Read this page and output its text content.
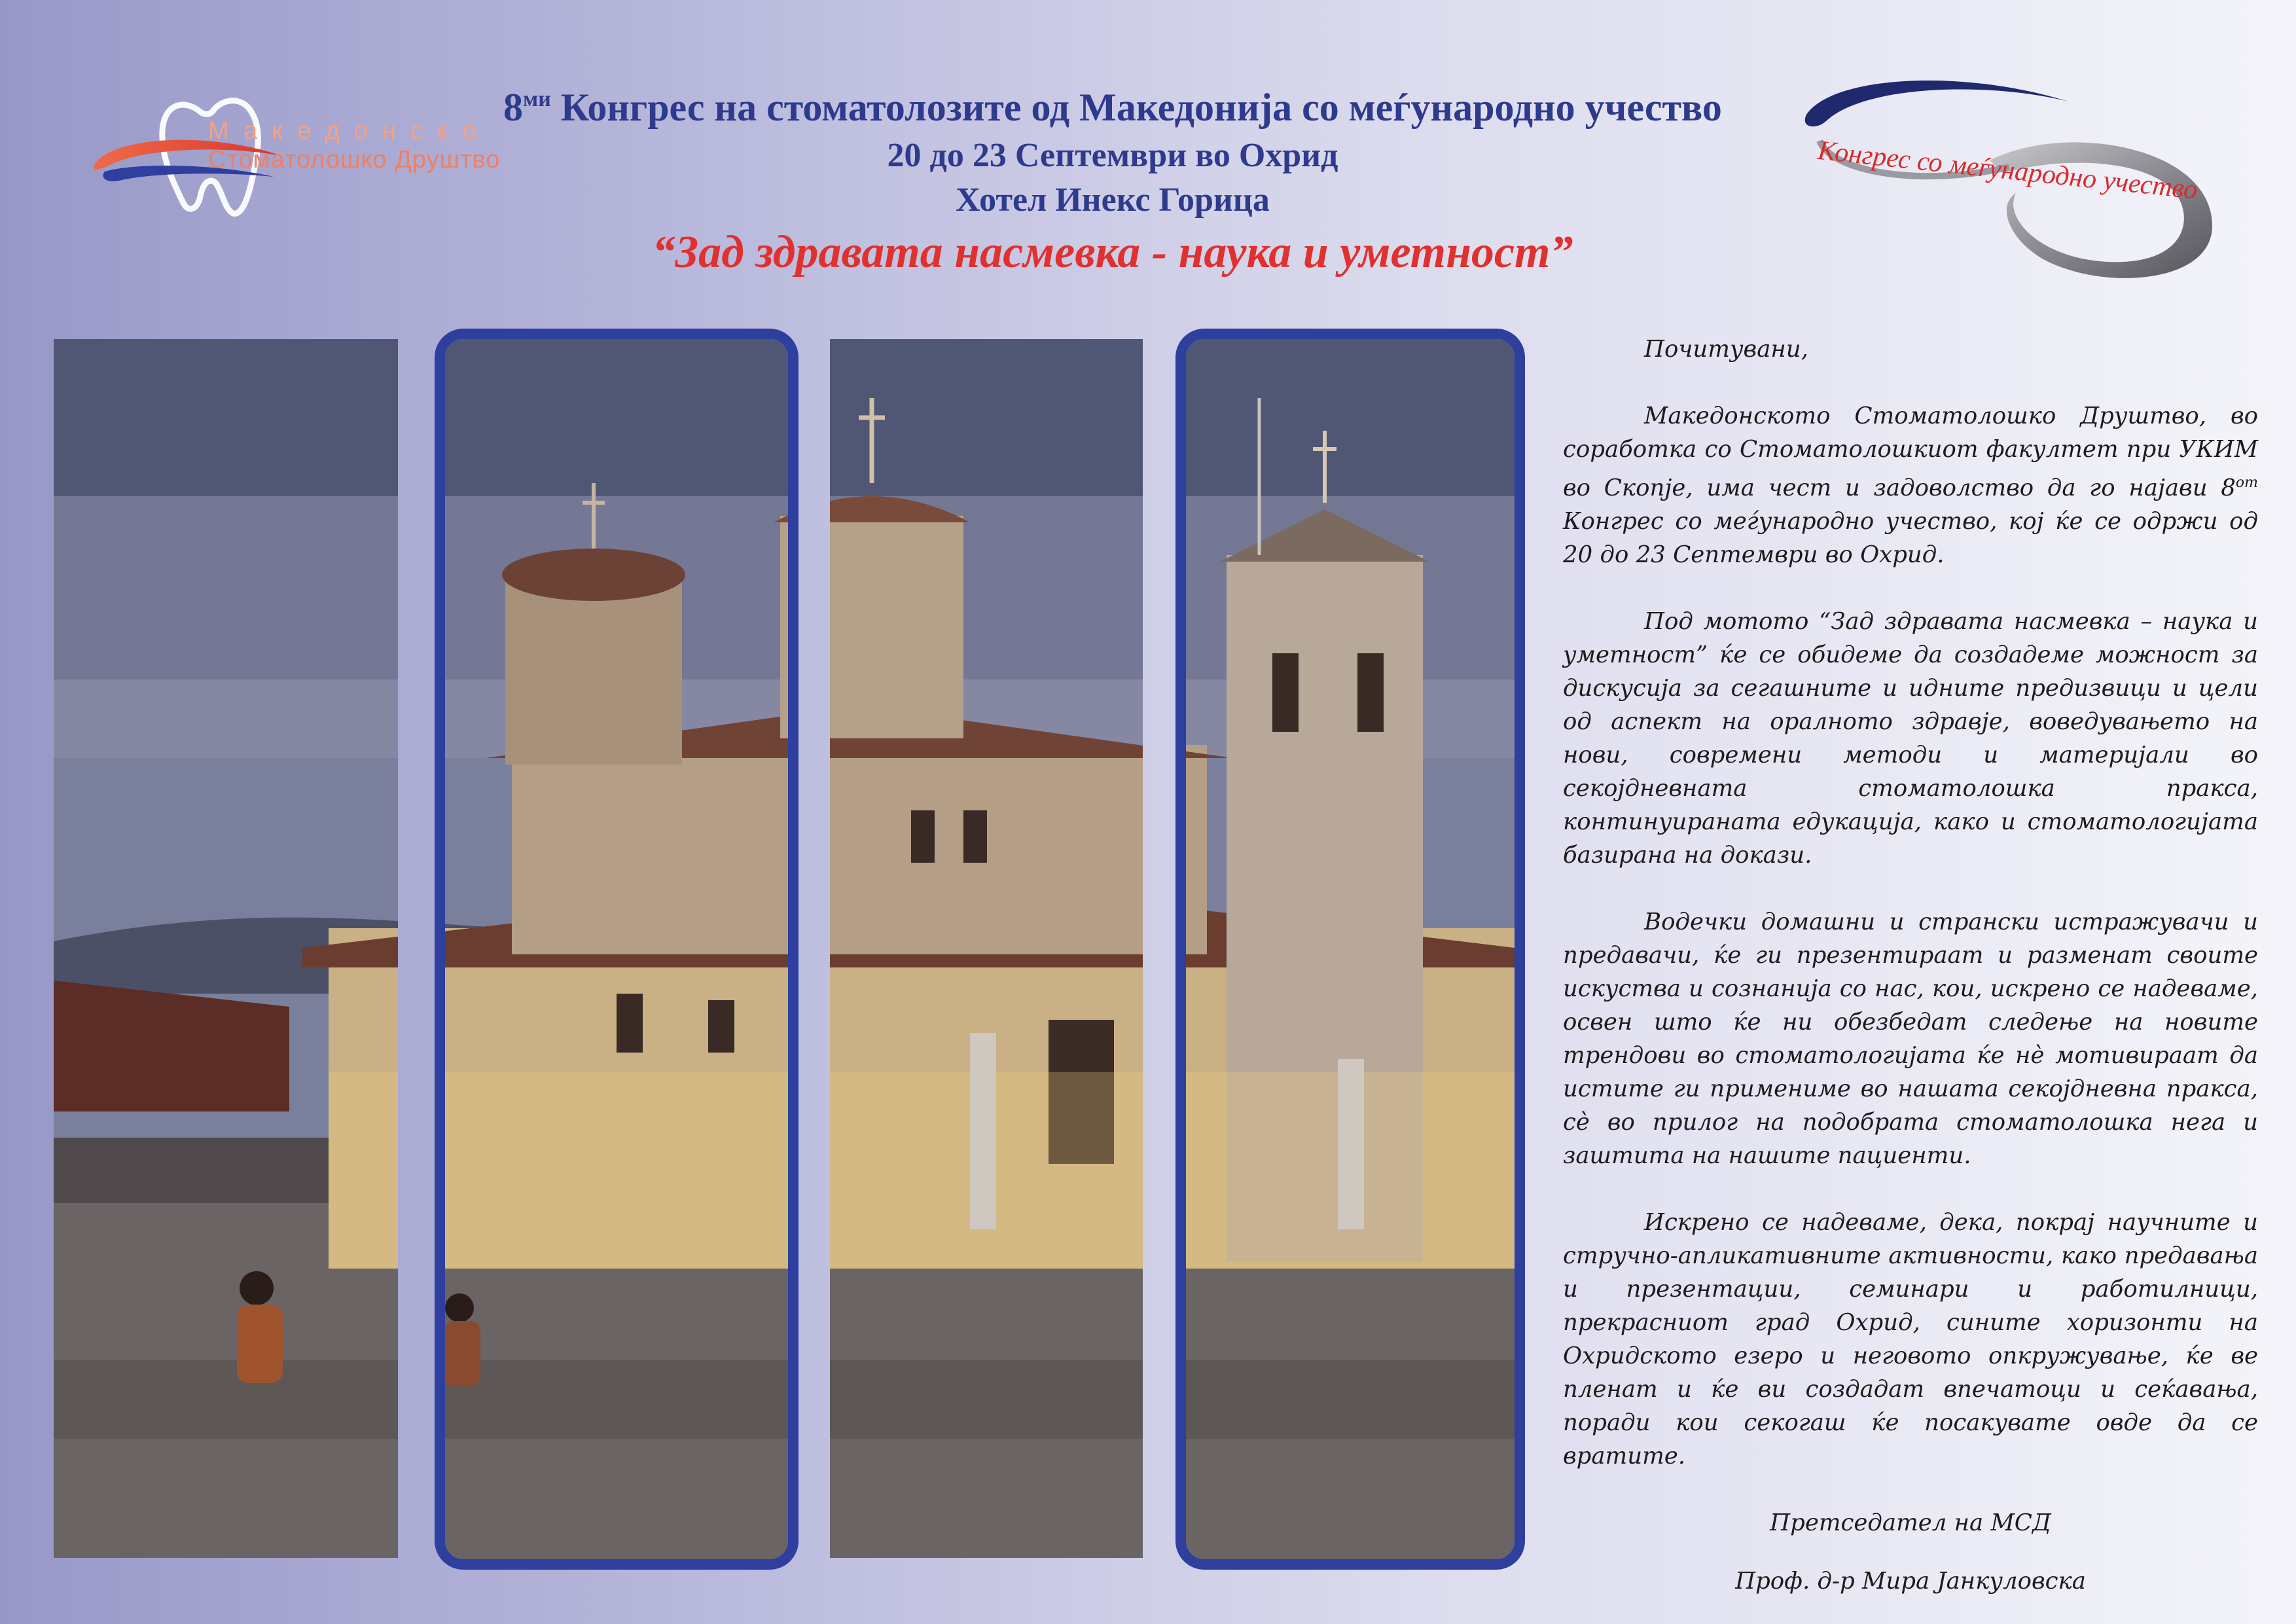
Македонско
Стоматолошко Друштво
$8^{ми}$ Конгрес на стоматолозите од Македонија со меѓународно учество
20 до 23 Септември во Охрид
Хотел Инекс Горица
“Зад здравата насмевка - наука и уметност”
Конгрес со меѓународно учество

Почитувани,

Македонското Стоматолошко Друштво, во соработка со Стоматолошкиот факултет при УКИМ во Скопје, има чест и задоволство да го најави $8^{от}$ Конгрес со меѓународно учество, кој ќе се одржи од 20 до 23 Септември во Охрид.

Под мотото “Зад здравата насмевка – наука и уметност” ќе се обидеме да создадеме можност за дискусија за сегашните и идните предизвици и цели од аспект на оралното здравје, воведувањето на нови, современи методи и материјали во секојдневната стоматолошка пракса, континуираната едукација, како и стоматологијата базирана на докази.

Водечки домашни и странски истражувачи и предавачи, ќе ги презентираат и разменат своите искуства и сознанија со нас, кои, искрено се надеваме, освен што ќе ни обезбедат следење на новите трендови во стоматологијата ќе нѐ мотивираат да истите ги примениме во нашата секојдневна пракса, сѐ во прилог на подобрата стоматолошка нега и заштита на нашите пациенти.

Искрено се надеваме, дека, покрај научните и стручно-апликативните активности, како предавања и презентации, семинари и работилници, прекрасниот град Охрид, сините хоризонти на Охридското езеро и неговото опкружување, ќе ве пленат и ќе ви создадат впечатоци и сеќавања, поради кои секогаш ќе посакувате овде да се вратите.

Претседател на МСД

Проф. д-р Мира Јанкуловска
